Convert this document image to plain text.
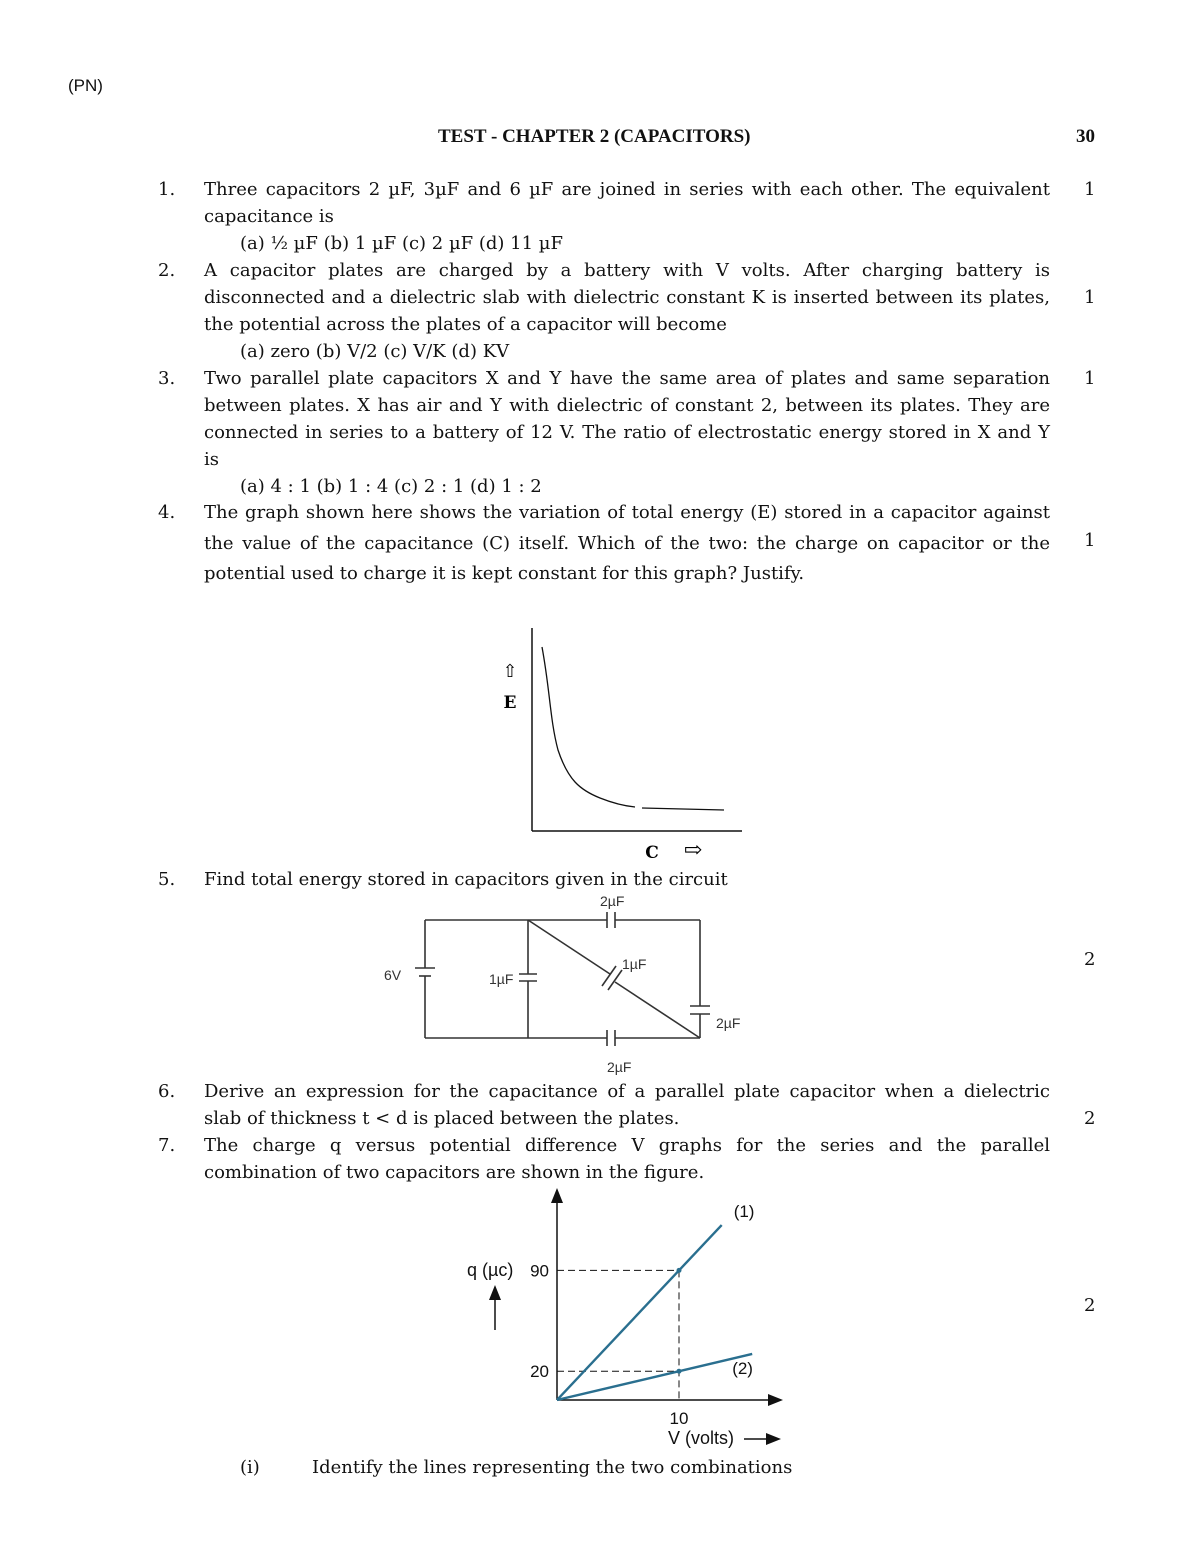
(PN)
TEST - CHAPTER 2 (CAPACITORS)	30
1. Three capacitors 2 µF, 3µF and 6 µF are joined in series with each other. The equivalent
capacitance is
(a) ½ µF (b) 1 µF (c) 2 µF (d) 11 µF
1
2. A capacitor plates are charged by a battery with V volts. After charging battery is
disconnected and a dielectric slab with dielectric constant K is inserted between its plates,
the potential across the plates of a capacitor will become
(a) zero (b) V/2 (c) V/K (d) KV
1
3. Two parallel plate capacitors X and Y have the same area of plates and same separation
between plates. X has air and Y with dielectric of constant 2, between its plates. They are
connected in series to a battery of 12 V. The ratio of electrostatic energy stored in X and Y
is
(a) 4 : 1 (b) 1 : 4 (c) 2 : 1 (d) 1 : 2
1
4. The graph shown here shows the variation of total energy (E) stored in a capacitor against
the value of the capacitance (C) itself. Which of the two: the charge on capacitor or the
potential used to charge it is kept constant for this graph? Justify.
1
⇧
E
C ⇨
5. Find total energy stored in capacitors given in the circuit
2
6V
2µF
1µF
1µF
2µF
2µF
6. Derive an expression for the capacitance of a parallel plate capacitor when a dielectric
slab of thickness t < d is placed between the plates.	2
7. The charge q versus potential difference V graphs for the series and the parallel
combination of two capacitors are shown in the figure.
2
(1)
(2)
20
90
10
q (µc)
V (volts)
(i)	Identify the lines representing the two combinations
